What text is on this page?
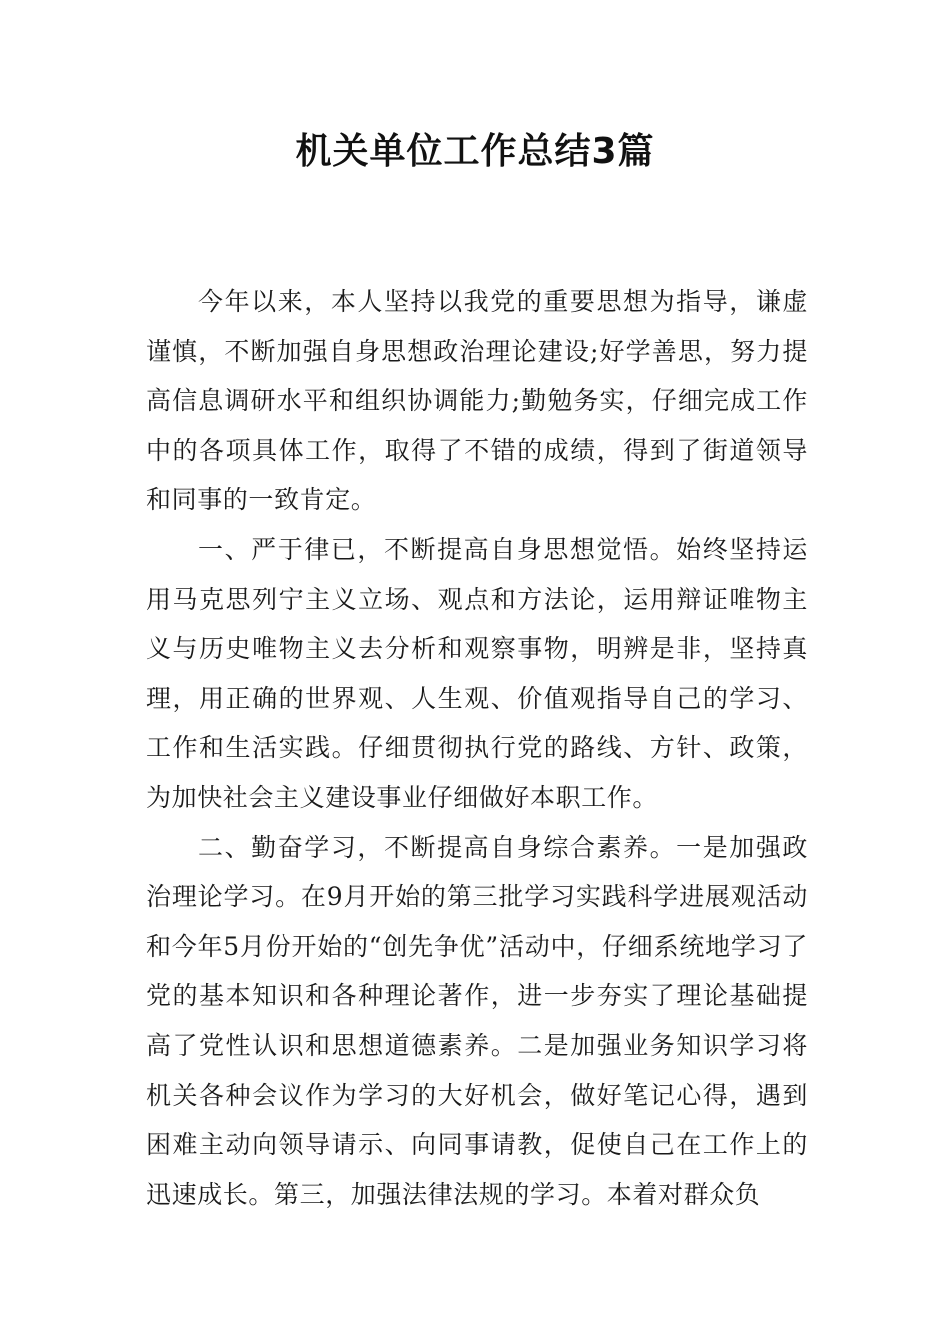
机关单位工作总结3篇

今年以来，本人坚持以我党的重要思想为指导，谦虚谨慎，不断加强自身思想政治理论建设;好学善思，努力提高信息调研水平和组织协调能力;勤勉务实，仔细完成工作中的各项具体工作，取得了不错的成绩，得到了街道领导和同事的一致肯定。

一、严于律已，不断提高自身思想觉悟。始终坚持运用马克思列宁主义立场、观点和方法论，运用辩证唯物主义与历史唯物主义去分析和观察事物，明辨是非，坚持真理，用正确的世界观、人生观、价值观指导自己的学习、工作和生活实践。仔细贯彻执行党的路线、方针、政策，为加快社会主义建设事业仔细做好本职工作。

二、勤奋学习，不断提高自身综合素养。一是加强政治理论学习。在9月开始的第三批学习实践科学进展观活动和今年5月份开始的“创先争优”活动中，仔细系统地学习了党的基本知识和各种理论著作，进一步夯实了理论基础提高了党性认识和思想道德素养。二是加强业务知识学习将机关各种会议作为学习的大好机会，做好笔记心得，遇到困难主动向领导请示、向同事请教，促使自己在工作上的迅速成长。第三，加强法律法规的学习。本着对群众负
